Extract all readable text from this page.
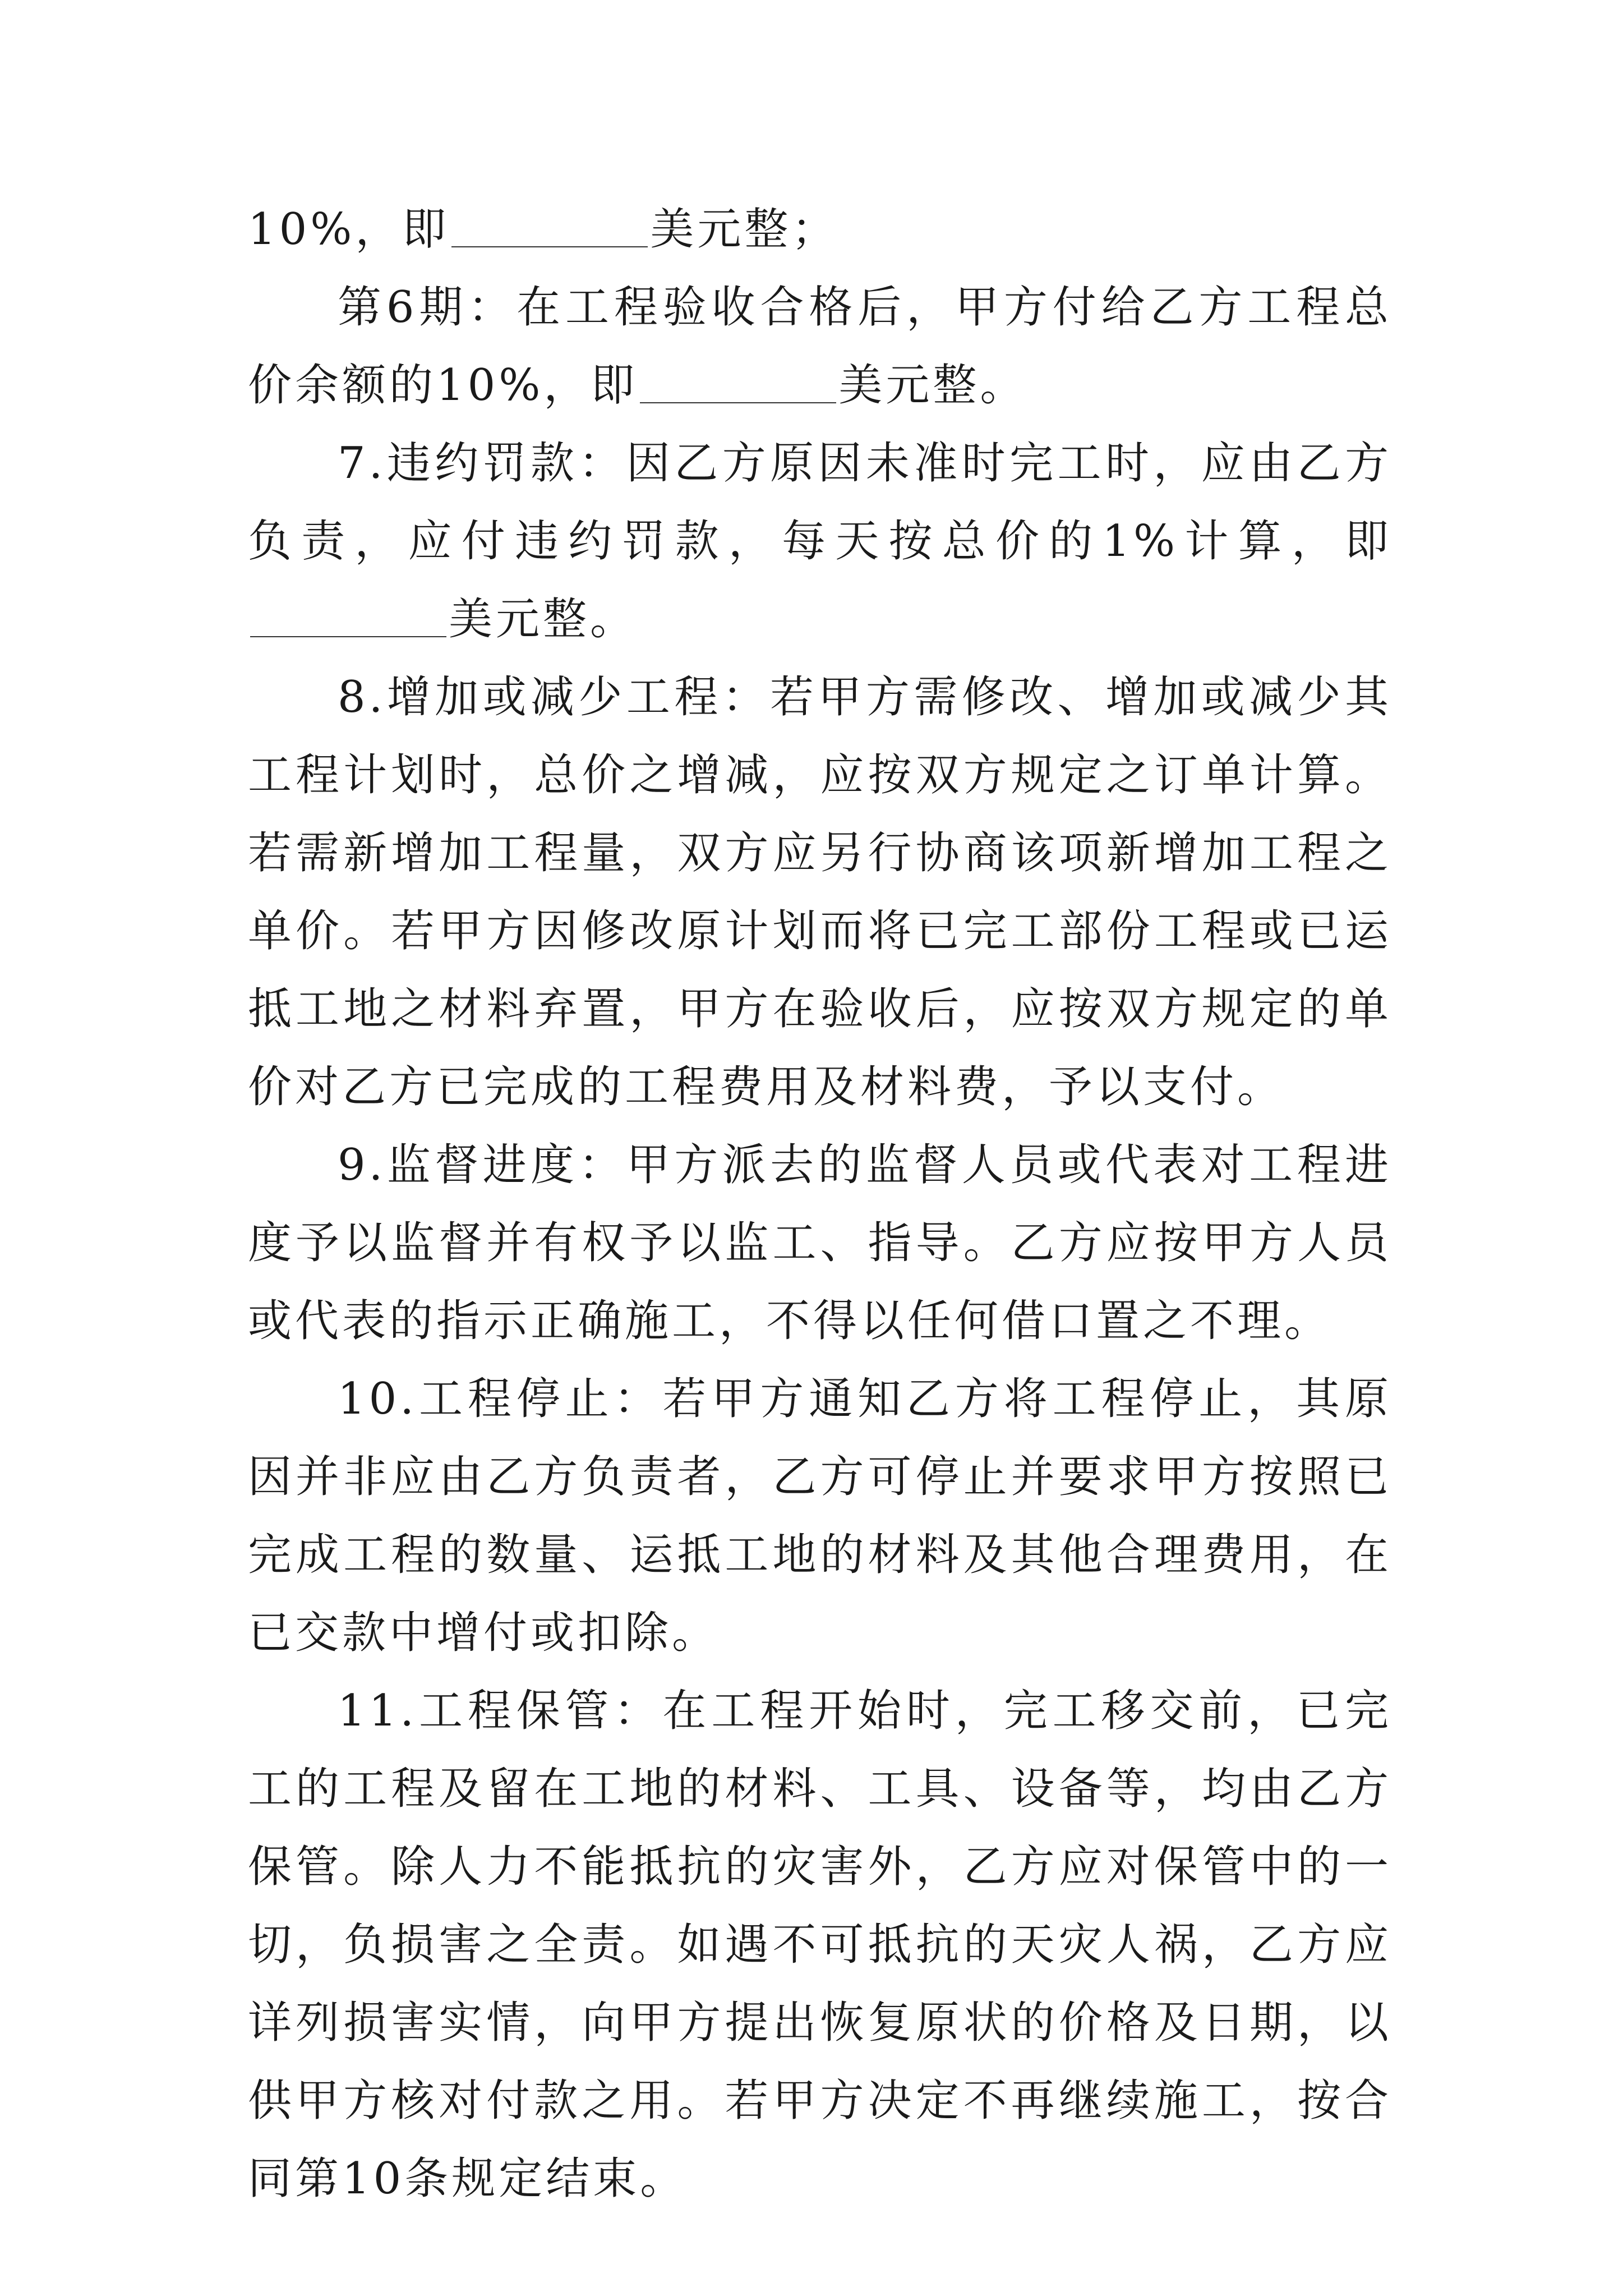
10%，即	美元整；

第6期：在工程验收合格后，甲方付给乙方工程总价余额的10%，即	美元整。

7.违约罚款：因乙方原因未准时完工时，应由乙方负责，应付违约罚款，每天按总价的1%计算，即美元整。

8.增加或减少工程：若甲方需修改、增加或减少其工程计划时，总价之增减，应按双方规定之订单计算。若需新增加工程量，双方应另行协商该项新增加工程之单价。若甲方因修改原计划而将已完工部份工程或已运抵工地之材料弃置，甲方在验收后，应按双方规定的单价对乙方已完成的工程费用及材料费，予以支付。

9.监督进度：甲方派去的监督人员或代表对工程进度予以监督并有权予以监工、指导。乙方应按甲方人员或代表的指示正确施工，不得以任何借口置之不理。

10.工程停止：若甲方通知乙方将工程停止，其原因并非应由乙方负责者，乙方可停止并要求甲方按照已完成工程的数量、运抵工地的材料及其他合理费用，在已交款中增付或扣除。

11.工程保管：在工程开始时，完工移交前，已完工的工程及留在工地的材料、工具、设备等，均由乙方保管。除人力不能抵抗的灾害外，乙方应对保管中的一切，负损害之全责。如遇不可抵抗的天灾人祸，乙方应详列损害实情，向甲方提出恢复原状的价格及日期，以供甲方核对付款之用。若甲方决定不再继续施工，按合同第10条规定结束。
